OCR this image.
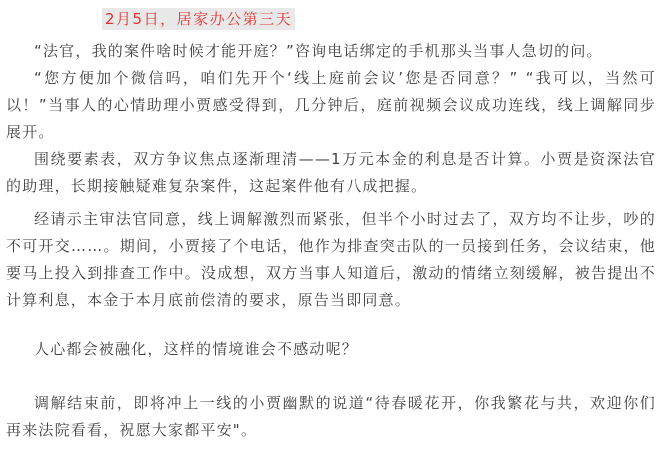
2月5日，居家办公第三天

“法官，我的案件啥时候才能开庭？”咨询电话绑定的手机那头当事人急切的问。

“您方便加个微信吗，咱们先开个‘线上庭前会议’您是否同意？” “我可以，当然可以！”当事人的心情助理小贾感受得到，几分钟后，庭前视频会议成功连线，线上调解同步展开。

围绕要素表，双方争议焦点逐渐理清——1万元本金的利息是否计算。小贾是资深法官的助理，长期接触疑难复杂案件，这起案件他有八成把握。

经请示主审法官同意，线上调解激烈而紧张，但半个小时过去了，双方均不让步，吵的不可开交……。期间，小贾接了个电话，他作为排查突击队的一员接到任务，会议结束，他要马上投入到排查工作中。没成想，双方当事人知道后，激动的情绪立刻缓解，被告提出不计算利息，本金于本月底前偿清的要求，原告当即同意。

人心都会被融化，这样的情境谁会不感动呢？

调解结束前，即将冲上一线的小贾幽默的说道“待春暖花开，你我繁花与共，欢迎你们再来法院看看，祝愿大家都平安"。
